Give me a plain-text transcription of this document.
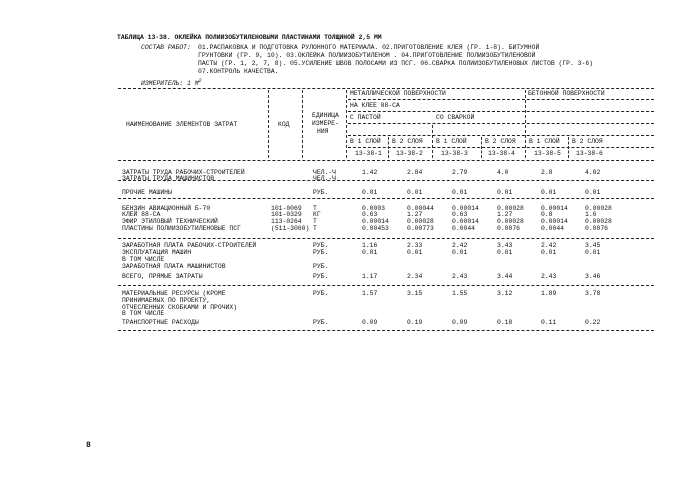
ТАБЛИЦА 13-38. ОКЛЕЙКА ПОЛИИЗОБУТИЛЕНОВЫМИ ПЛАСТИНАМИ ТОЛЩИНОЙ 2,5 ММ
СОСТАВ РАБОТ: 01.РАСПАКОВКА И ПОДГОТОВКА РУЛОННОГО МАТЕРИАЛА. 02.ПРИГОТОВЛЕНИЕ КЛЕЯ (ГР. 1-8). БИТУМНОЙ
ГРУНТОВКИ (ГР. 9, 10). 03.ОКЛЕЙКА ПОЛИИЗОБУТИЛЕНОМ . 04.ПРИГОТОВЛЕНИЕ ПОЛИИЗОБУТИЛЕНОВОЙ
ПАСТЫ (ГР. 1, 2, 7, 8). 05.УСИЛЕНИЕ ШВОВ ПОЛОСАМИ ИЗ ПСГ. 06.СВАРКА ПОЛИИЗОБУТИЛЕНОВЫХ ЛИСТОВ (ГР. 3-6)
07.КОНТРОЛЬ КАЧЕСТВА.
ИЗМЕРИТЕЛЬ: 1 $М^2$
НАИМЕНОВАНИЕ ЭЛЕМЕНТОВ ЗАТРАТ	КОД
ЕДИНИЦА
ИЗМЕРЕ-
НИЯ
МЕТАЛЛИЧЕСКОЙ ПОВЕРХНОСТИ	БЕТОННОЙ ПОВЕРХНОСТИ
НА КЛЕЕ 88-СА
С ПАСТОЙ	СО СВАРКОЙ
В 1 СЛОЙ В 2 СЛОЯ В 1 СЛОЙ	В 2 СЛОЯ В 1 СЛОЙ В 2 СЛОЯ
13-38-1 13-38-2	13-38-3	13-38-4	13-38-5 13-38-6
ЗАТРАТЫ ТРУДА РАБОЧИХ-СТРОИТЕЛЕЙ	ЧЕЛ.-Ч	1.42	2.84	2.79	4.0	2.8	4.02
ЗАТРАТЫ ТРУДА МАШИНИСТОВ	ЧЕЛ.-Ч
ПРОЧИЕ МАШИНЫ	РУБ.	0.01	0.01	0.01	0.01	0.01	0.01
БЕНЗИН АВИАЦИОННЫЙ Б-70	101-0069 Т	0.0003	0.00044	0.00014	0.00028	0.00014	0.00028
КЛЕЙ 88-СА	101-0329 КГ	0.63	1.27	0.63	1.27	0.8	1.6
ЭФИР ЭТИЛОВЫЙ ТЕХНИЧЕСКИЙ	113-0264 Т	0.00014	0.00028	0.00014	0.00028	0.00014	0.00028
ПЛАСТИНЫ ПОЛИИЗОБУТИЛЕНОВЫЕ ПСГ	(511-3060) Т	0.00453	0.00773	0.0044	0.0076	0.0044	0.0076
ЗАРАБОТНАЯ ПЛАТА РАБОЧИХ-СТРОИТЕЛЕЙ	РУБ.	1.16	2.33	2.42	3.43	2.42	3.45
ЭКСПЛУАТАЦИЯ МАШИН	РУБ.	0.01	0.01	0.01	0.01	0.01	0.01
В ТОМ ЧИСЛЕ
ЗАРАБОТНАЯ ПЛАТА МАШИНИСТОВ	РУБ.
ВСЕГО, ПРЯМЫЕ ЗАТРАТЫ	РУБ.	1.17	2.34	2.43	3.44	2.43	3.46
МАТЕРИАЛЬНЫЕ РЕСУРСЫ (КРОМЕ	РУБ.	1.57	3.15	1.55	3.12	1.89	3.78
ПРИНИМАЕМЫХ ПО ПРОЕКТУ,
ОТЧЕСЛЕННЫХ СКОБКАМИ И ПРОЧИХ)
В ТОМ ЧИСЛЕ
ТРАНСПОРТНЫЕ РАСХОДЫ	РУБ.	0.09	0.19	0.09	0.18	0.11	0.22
8
